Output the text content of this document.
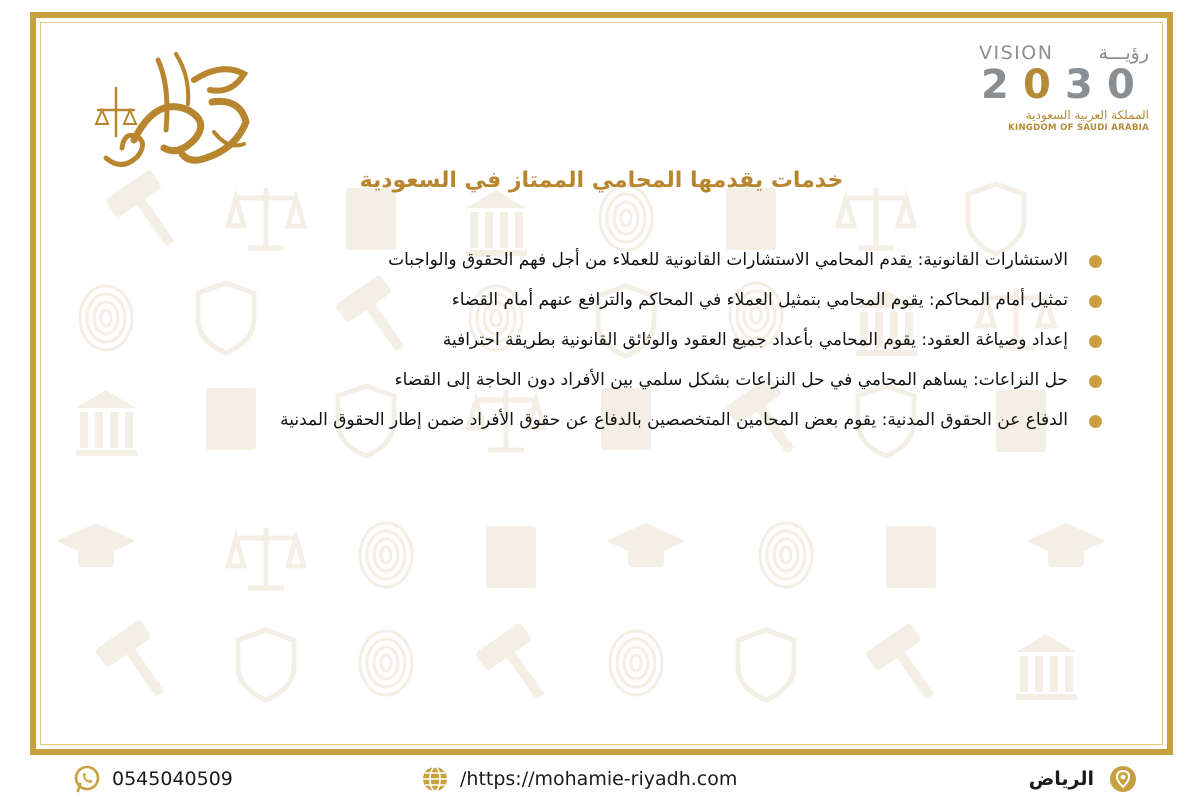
VISION رؤيـــة
2 0 3 0
المملكة العربية السعودية
KINGDOM OF SAUDI ARABIA
خدمات يقدمها المحامي الممتاز في السعودية
الاستشارات القانونية: يقدم المحامي الاستشارات القانونية للعملاء من أجل فهم الحقوق والواجبات
تمثيل أمام المحاكم: يقوم المحامي بتمثيل العملاء في المحاكم والترافع عنهم أمام القضاء
إعداد وصياغة العقود: يقوم المحامي بأعداد جميع العقود والوثائق القانونية بطريقة احترافية
حل النزاعات: يساهم المحامي في حل النزاعات بشكل سلمي بين الأفراد دون الحاجة إلى القضاء
الدفاع عن الحقوق المدنية: يقوم بعض المحامين المتخصصين بالدفاع عن حقوق الأفراد ضمن إطار الحقوق المدنية
0545040509	/https://mohamie-riyadh.com	الرياض
